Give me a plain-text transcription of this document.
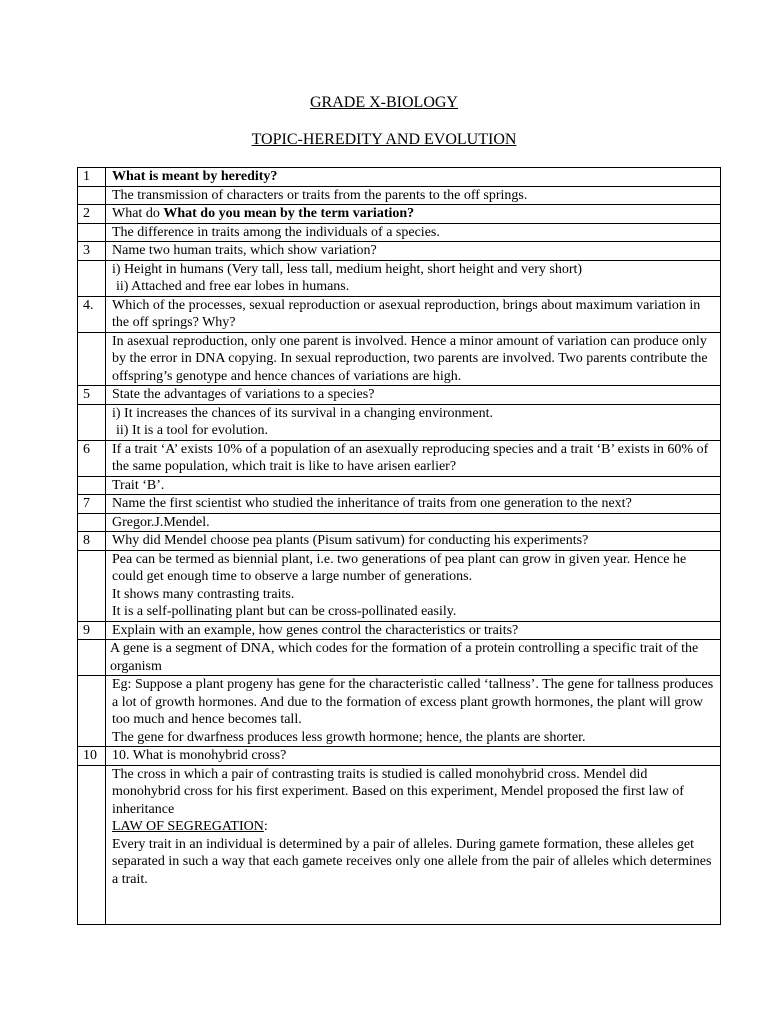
GRADE X-BIOLOGY
TOPIC-HEREDITY AND EVOLUTION
1	What is meant by heredity?
	The transmission of characters or traits from the parents to the off springs.
2	What do What do you mean by the term variation?
	The difference in traits among the individuals of a species.
3	Name two human traits, which show variation?

	i) Height in humans (Very tall, less tall, medium height, short height and very short)
ii) Attached and free ear lobes in humans.

4.	Which of the processes, sexual reproduction or asexual reproduction, brings about maximum variation in the off springs? Why?
	In asexual reproduction, only one parent is involved. Hence a minor amount of variation can produce only by the error in DNA copying. In sexual reproduction, two parents are involved. Two parents contribute the offspring’s genotype and hence chances of variations are high.
5	State the advantages of variations to a species?

	i) It increases the chances of its survival in a changing environment.
ii) It is a tool for evolution.

6	If a trait ‘A’ exists 10% of a population of an asexually reproducing species and a trait ‘B’ exists in 60% of the same population, which trait is like to have arisen earlier?
	Trait ‘B’.
7	Name the first scientist who studied the inheritance of traits from one generation to the next?
	Gregor.J.Mendel.
8	Why did Mendel choose pea plants (Pisum sativum) for conducting his experiments?

	Pea can be termed as biennial plant, i.e. two generations of pea plant can grow in given year. Hence he could get enough time to observe a large number of generations.
It shows many contrasting traits.
It is a self-pollinating plant but can be cross-pollinated easily.

9	Explain with an example, how genes control the characteristics or traits?
	A gene is a segment of DNA, which codes for the formation of a protein controlling a specific trait of the organism

	Eg: Suppose a plant progeny has gene for the characteristic called ‘tallness’. The gene for tallness produces a lot of growth hormones. And due to the formation of excess plant growth hormones, the plant will grow too much and hence becomes tall.
The gene for dwarfness produces less growth hormone; hence, the plants are shorter.

10	10. What is monohybrid cross?

	The cross in which a pair of contrasting traits is studied is called monohybrid cross. Mendel did monohybrid cross for his first experiment. Based on this experiment, Mendel proposed the first law of inheritance
LAW OF SEGREGATION:
Every trait in an individual is determined by a pair of alleles. During gamete formation, these alleles get separated in such a way that each gamete receives only one allele from the pair of alleles which determines a trait.
